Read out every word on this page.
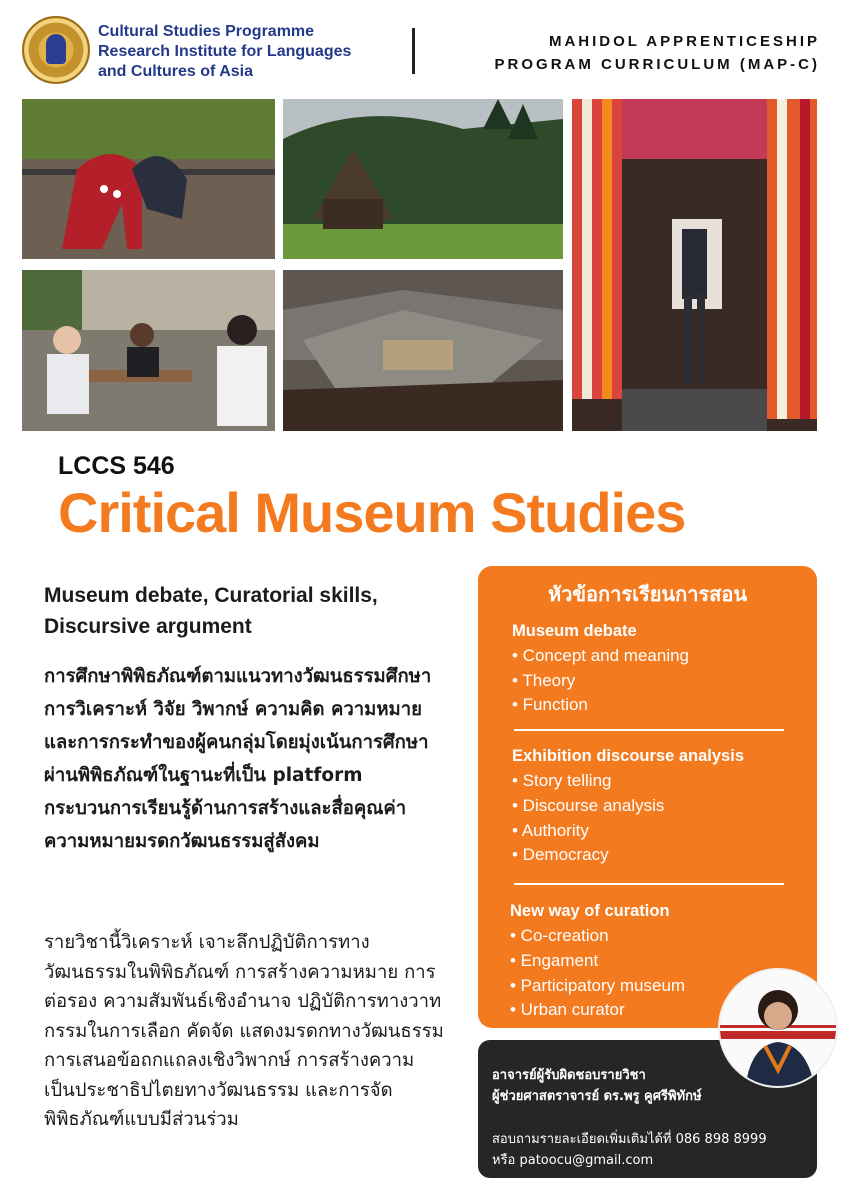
Cultural Studies Programme
Research Institute for Languages
and Cultures of Asia
MAHIDOL APPRENTICESHIP
PROGRAM CURRICULUM (MAP-C)
LCCS 546
Critical Museum Studies
Museum debate, Curatorial skills, Discursive argument
การศึกษาพิพิธภัณฑ์ตามแนวทางวัฒนธรรมศึกษา การวิเคราะห์ วิจัย วิพากษ์ ความคิด ความหมาย และการกระทำของผู้คนกลุ่มโดยมุ่งเน้นการศึกษาผ่านพิพิธภัณฑ์ในฐานะที่เป็น platform กระบวนการเรียนรู้ด้านการสร้างและสื่อคุณค่าความหมายมรดกวัฒนธรรมสู่สังคม
รายวิชานี้วิเคราะห์ เจาะลึกปฏิบัติการทางวัฒนธรรมในพิพิธภัณฑ์ การสร้างความหมาย การต่อรอง ความสัมพันธ์เชิงอำนาจ ปฏิบัติการทางวาทกรรมในการเลือก คัดจัด แสดงมรดกทางวัฒนธรรม การเสนอข้อถกแถลงเชิงวิพากษ์ การสร้างความเป็นประชาธิปไตยทางวัฒนธรรม และการจัดพิพิธภัณฑ์แบบมีส่วนร่วม
หัวข้อการเรียนการสอน
Museum debate
• Concept and meaning
• Theory
• Function
Exhibition discourse analysis
• Story telling
• Discourse analysis
• Authority
• Democracy
New way of curation
• Co-creation
• Engament
• Participatory museum
• Urban curator
อาจารย์ผู้รับผิดชอบรายวิชา
ผู้ช่วยศาสตราจารย์ ดร.พรู คูศรีพิทักษ์
สอบถามรายละเอียดเพิ่มเติมได้ที่ 086 898 8999
หรือ patoocu@gmail.com
